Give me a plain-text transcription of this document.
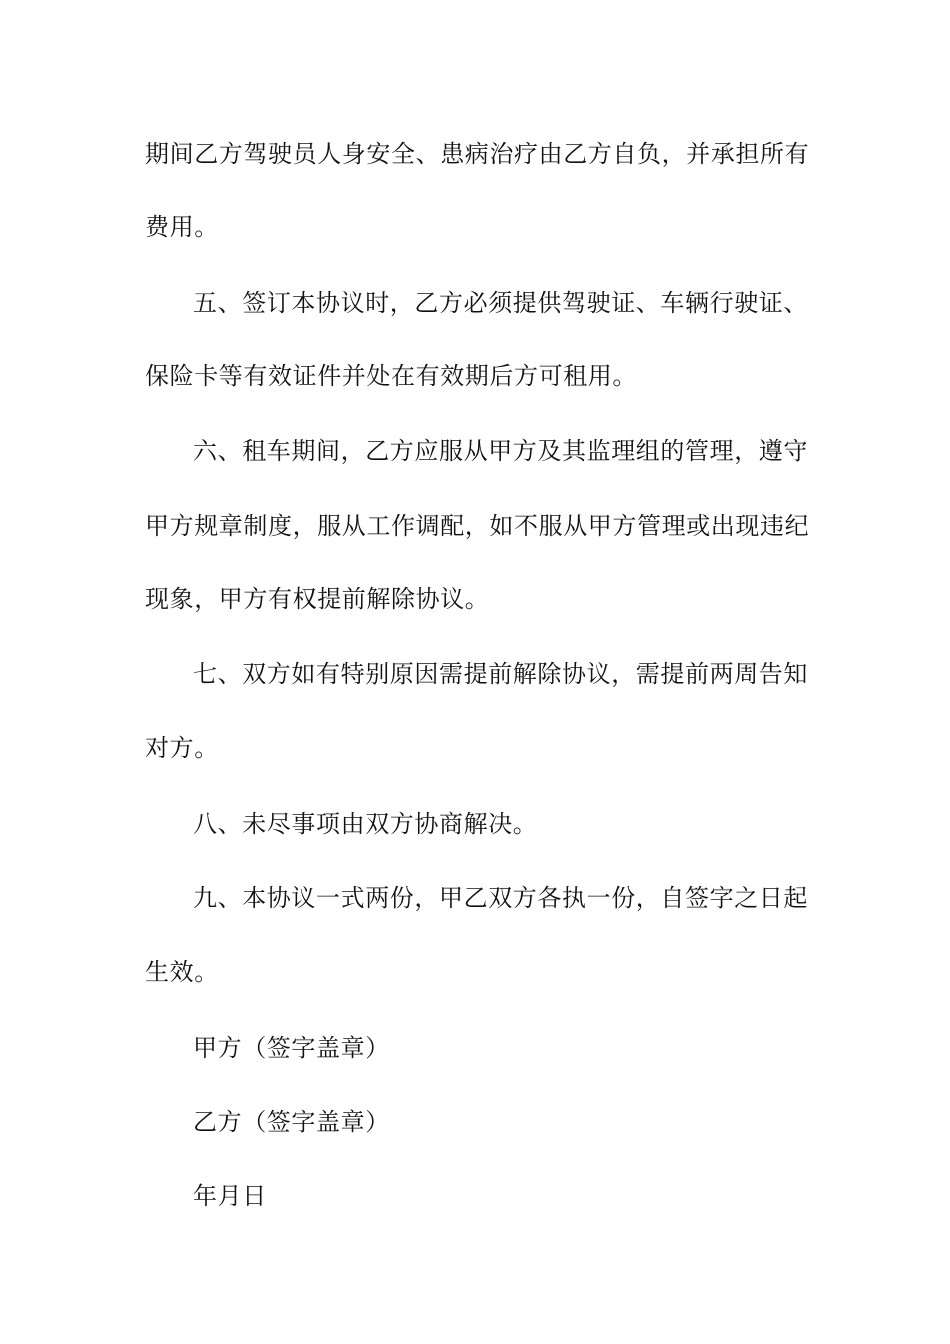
期间乙方驾驶员人身安全、患病治疗由乙方自负，并承担所有
费用。
五、签订本协议时，乙方必须提供驾驶证、车辆行驶证、
保险卡等有效证件并处在有效期后方可租用。
六、租车期间，乙方应服从甲方及其监理组的管理，遵守
甲方规章制度，服从工作调配，如不服从甲方管理或出现违纪
现象，甲方有权提前解除协议。
七、双方如有特别原因需提前解除协议，需提前两周告知
对方。
八、未尽事项由双方协商解决。
九、本协议一式两份，甲乙双方各执一份，自签字之日起
生效。
甲方（签字盖章）
乙方（签字盖章）
年月日
